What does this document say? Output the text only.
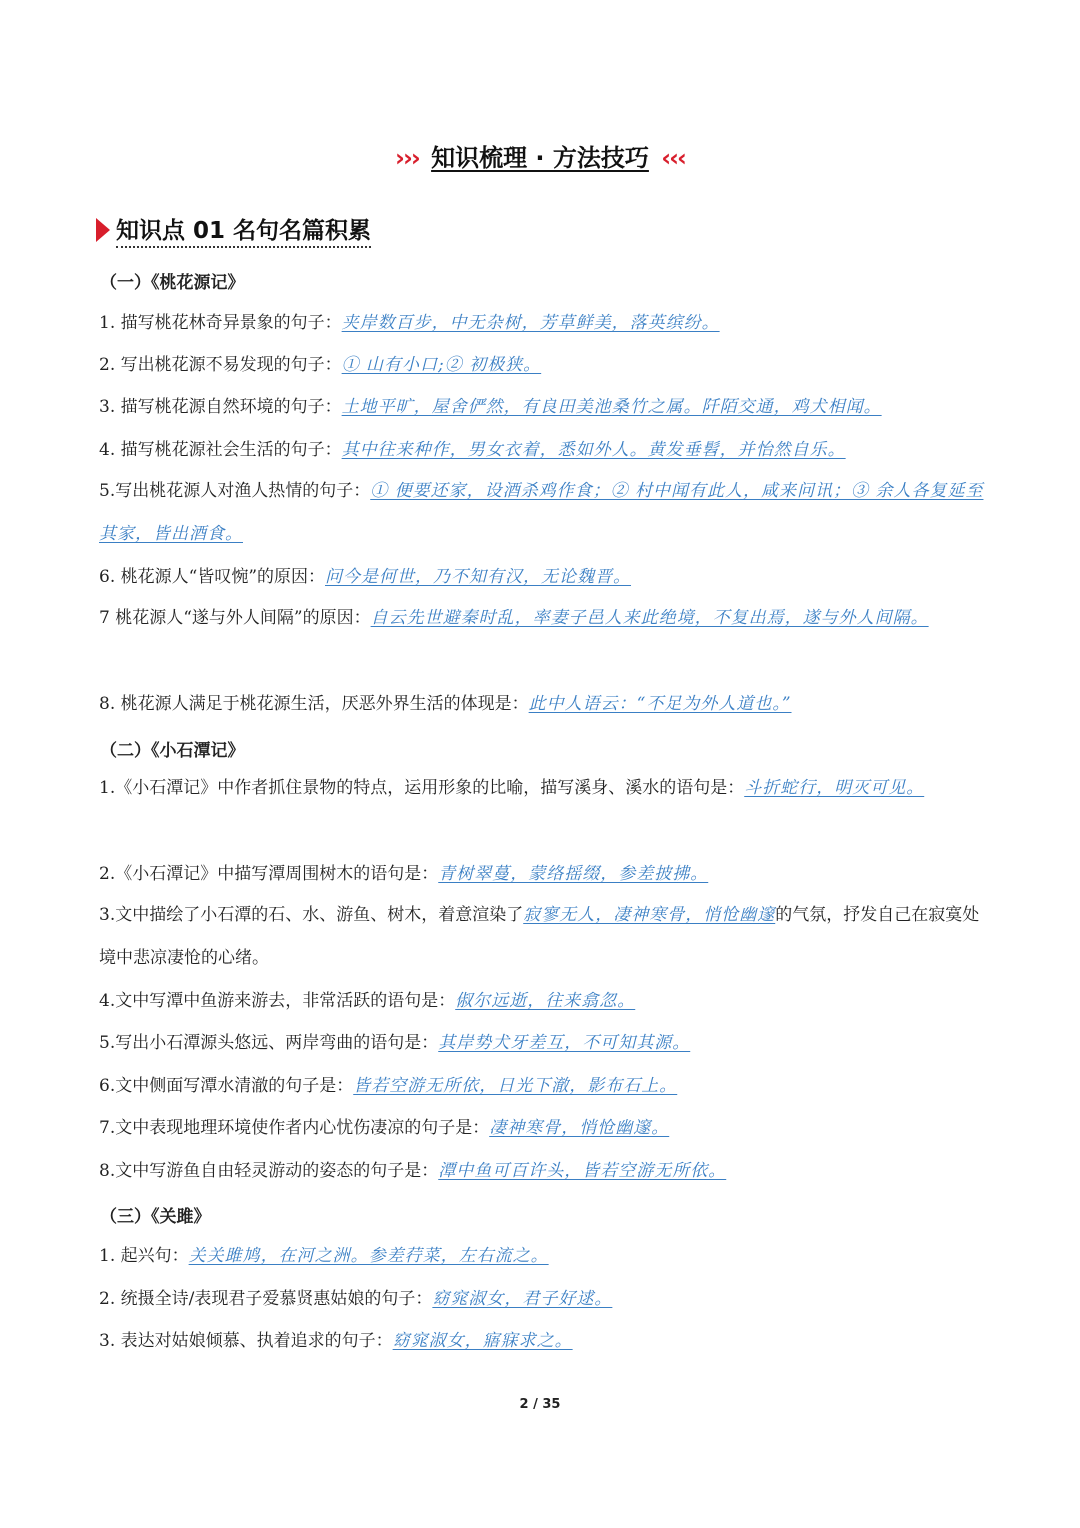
››› 知识梳理 · 方法技巧 ‹‹‹
知识点 01 名句名篇积累
（一）《桃花源记》
1. 描写桃花林奇异景象的句子：夹岸数百步，中无杂树，芳草鲜美，落英缤纷。
2. 写出桃花源不易发现的句子：① 山有小口;② 初极狭。
3. 描写桃花源自然环境的句子：土地平旷，屋舍俨然，有良田美池桑竹之属。阡陌交通，鸡犬相闻。
4. 描写桃花源社会生活的句子：其中往来种作，男女衣着，悉如外人。黄发垂髫，并怡然自乐。
5.写出桃花源人对渔人热情的句子：① 便要还家，设酒杀鸡作食；② 村中闻有此人，咸来问讯；③ 余人各复延至其家，皆出酒食。
6. 桃花源人“皆叹惋”的原因：问今是何世，乃不知有汉，无论魏晋。
7 桃花源人“遂与外人间隔”的原因：自云先世避秦时乱，率妻子邑人来此绝境，不复出焉，遂与外人间隔。
8. 桃花源人满足于桃花源生活，厌恶外界生活的体现是：此中人语云：“不足为外人道也。”
（二）《小石潭记》
1.《小石潭记》中作者抓住景物的特点，运用形象的比喻，描写溪身、溪水的语句是：斗折蛇行，明灭可见。
2.《小石潭记》中描写潭周围树木的语句是：青树翠蔓，蒙络摇缀，参差披拂。
3.文中描绘了小石潭的石、水、游鱼、树木，着意渲染了寂寥无人，凄神寒骨，悄怆幽邃的气氛，抒发自己在寂寞处境中悲凉凄怆的心绪。
4.文中写潭中鱼游来游去，非常活跃的语句是：俶尔远逝，往来翕忽。
5.写出小石潭源头悠远、两岸弯曲的语句是：其岸势犬牙差互，不可知其源。
6.文中侧面写潭水清澈的句子是：皆若空游无所依，日光下澈，影布石上。
7.文中表现地理环境使作者内心忧伤凄凉的句子是：凄神寒骨，悄怆幽邃。
8.文中写游鱼自由轻灵游动的姿态的句子是：潭中鱼可百许头，皆若空游无所依。
（三）《关雎》
1. 起兴句：关关雎鸠，在河之洲。参差荇菜，左右流之。
2. 统摄全诗/表现君子爱慕贤惠姑娘的句子：窈窕淑女，君子好逑。
3. 表达对姑娘倾慕、执着追求的句子：窈窕淑女，寤寐求之。
2 / 35
